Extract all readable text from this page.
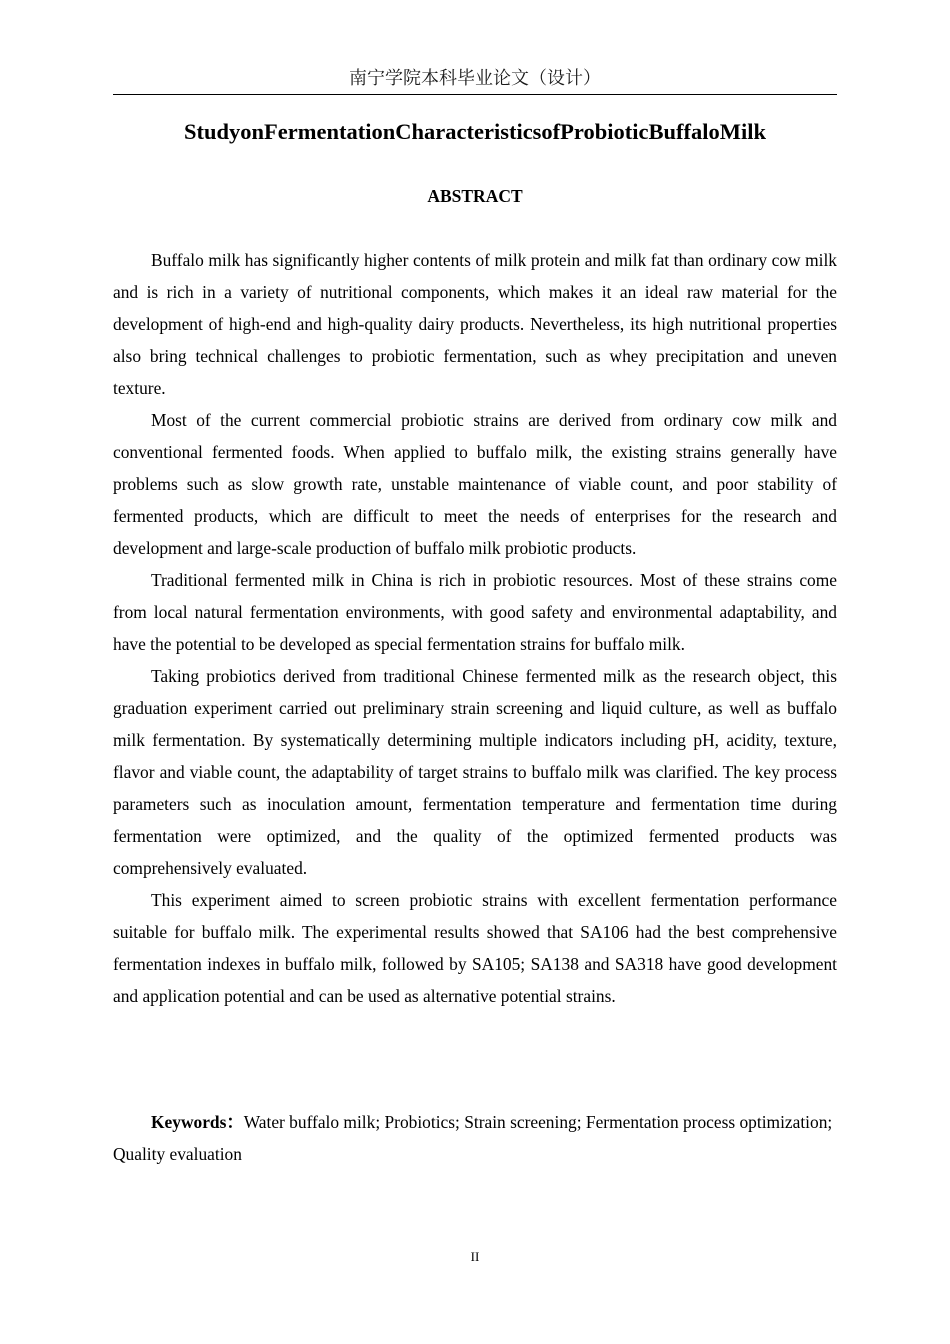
南宁学院本科毕业论文（设计）
StudyonFermentationCharacteristicsofProbioticBuffaloMilk
ABSTRACT

Buffalo milk has significantly higher contents of milk protein and milk fat than ordinary cow milk and is rich in a variety of nutritional components, which makes it an ideal raw material for the development of high-end and high-quality dairy products. Nevertheless, its high nutritional properties also bring technical challenges to probiotic fermentation, such as whey precipitation and uneven texture.

Most of the current commercial probiotic strains are derived from ordinary cow milk and conventional fermented foods. When applied to buffalo milk, the existing strains generally have problems such as slow growth rate, unstable maintenance of viable count, and poor stability of fermented products, which are difficult to meet the needs of enterprises for the research and development and large-scale production of buffalo milk probiotic products.

Traditional fermented milk in China is rich in probiotic resources. Most of these strains come from local natural fermentation environments, with good safety and environmental adaptability, and have the potential to be developed as special fermentation strains for buffalo milk.

Taking probiotics derived from traditional Chinese fermented milk as the research object, this graduation experiment carried out preliminary strain screening and liquid culture, as well as buffalo milk fermentation. By systematically determining multiple indicators including pH, acidity, texture, flavor and viable count, the adaptability of target strains to buffalo milk was clarified. The key process parameters such as inoculation amount, fermentation temperature and fermentation time during fermentation were optimized, and the quality of the optimized fermented products was comprehensively evaluated.

This experiment aimed to screen probiotic strains with excellent fermentation performance suitable for buffalo milk. The experimental results showed that SA106 had the best comprehensive fermentation indexes in buffalo milk, followed by SA105; SA138 and SA318 have good development and application potential and can be used as alternative potential strains.

Keywords：Water buffalo milk; Probiotics; Strain screening; Fermentation process optimization; Quality evaluation

II
